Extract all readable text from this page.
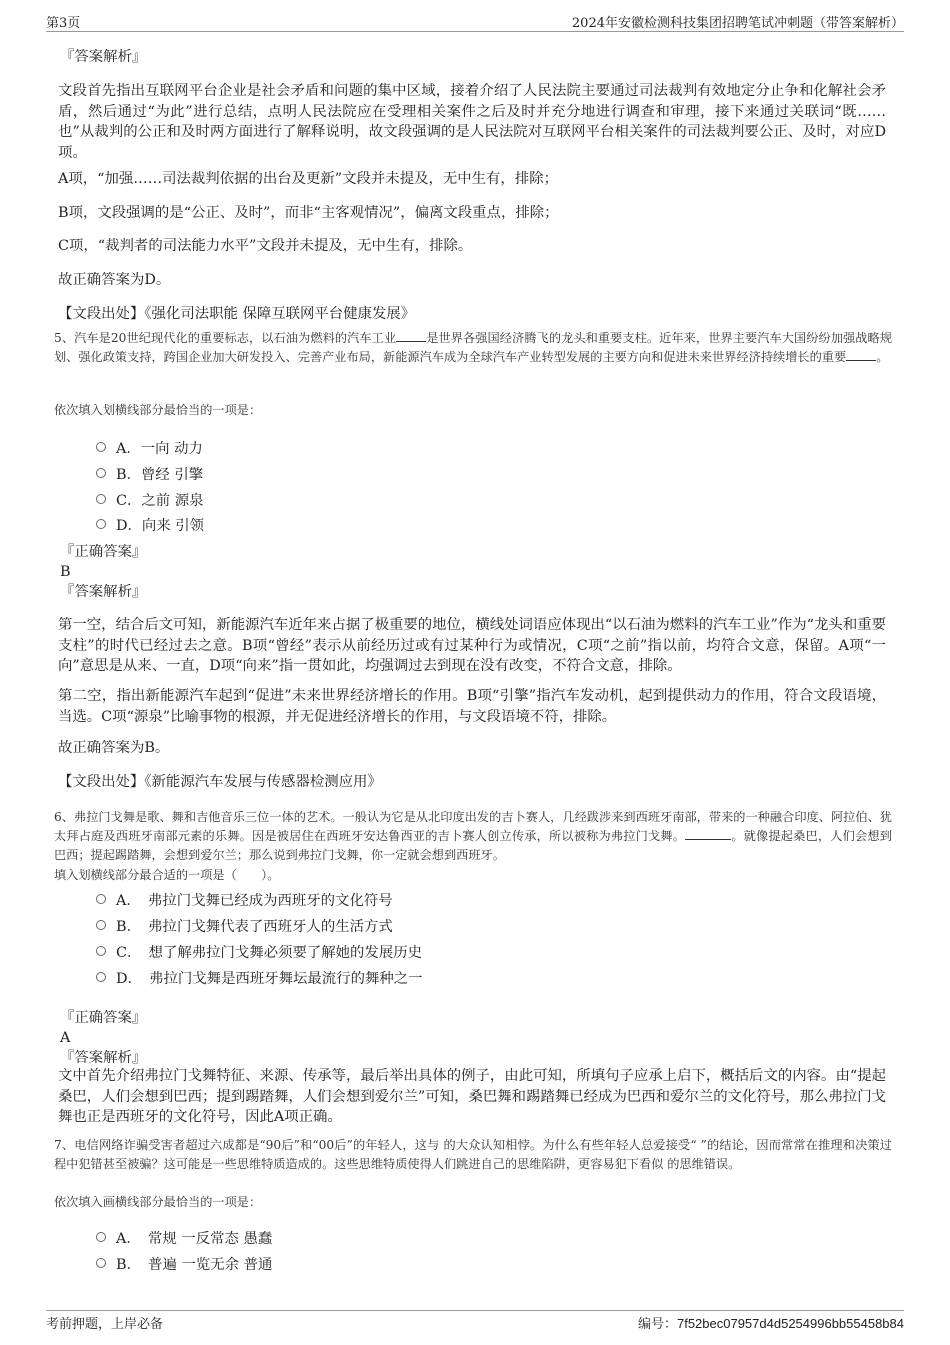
第3页	2024年安徽检测科技集团招聘笔试冲刺题（带答案解析）
『答案解析』
文段首先指出互联网平台企业是社会矛盾和问题的集中区域，接着介绍了人民法院主要通过司法裁判有效地定分止争和化解社会矛盾，然后通过“为此”进行总结，点明人民法院应在受理相关案件之后及时并充分地进行调查和审理，接下来通过关联词“既……也”从裁判的公正和及时两方面进行了解释说明，故文段强调的是人民法院对互联网平台相关案件的司法裁判要公正、及时，对应D项。
A项，“加强……司法裁判依据的出台及更新”文段并未提及，无中生有，排除；
B项，文段强调的是“公正、及时”，而非“主客观情况”，偏离文段重点，排除；
C项，“裁判者的司法能力水平”文段并未提及，无中生有，排除。
故正确答案为D。
【文段出处】《强化司法职能 保障互联网平台健康发展》
5、汽车是20世纪现代化的重要标志，以石油为燃料的汽车工业 是世界各强国经济腾飞的龙头和重要支柱。近年来，世界主要汽车大国纷纷加强战略规划、强化政策支持，跨国企业加大研发投入、完善产业布局，新能源汽车成为全球汽车产业转型发展的主要方向和促进未来世界经济持续增长的重要 。
依次填入划横线部分最恰当的一项是：
A．一向 动力
B．曾经 引擎
C．之前 源泉
D．向来 引领
『正确答案』
B
『答案解析』
第一空，结合后文可知，新能源汽车近年来占据了极重要的地位，横线处词语应体现出“以石油为燃料的汽车工业”作为“龙头和重要支柱”的时代已经过去之意。B项“曾经”表示从前经历过或有过某种行为或情况，C项“之前”指以前，均符合文意，保留。A项“一向”意思是从来、一直，D项“向来”指一贯如此，均强调过去到现在没有改变，不符合文意，排除。
第二空，指出新能源汽车起到“促进”未来世界经济增长的作用。B项“引擎”指汽车发动机，起到提供动力的作用，符合文段语境，当选。C项“源泉”比喻事物的根源，并无促进经济增长的作用，与文段语境不符，排除。
故正确答案为B。
【文段出处】《新能源汽车发展与传感器检测应用》
6、弗拉门戈舞是歌、舞和吉他音乐三位一体的艺术。一般认为它是从北印度出发的吉卜赛人，几经跋涉来到西班牙南部，带来的一种融合印度、阿拉伯、犹太拜占庭及西班牙南部元素的乐舞。因是被居住在西班牙安达鲁西亚的吉卜赛人创立传承，所以被称为弗拉门戈舞。	。就像提起桑巴，人们会想到巴西；提起踢踏舞，会想到爱尔兰；那么说到弗拉门戈舞，你一定就会想到西班牙。
填入划横线部分最合适的一项是（　　）。
A．　弗拉门戈舞已经成为西班牙的文化符号
B．　弗拉门戈舞代表了西班牙人的生活方式
C．　想了解弗拉门戈舞必须要了解她的发展历史
D．　弗拉门戈舞是西班牙舞坛最流行的舞种之一
『正确答案』
A
『答案解析』
文中首先介绍弗拉门戈舞特征、来源、传承等，最后举出具体的例子，由此可知，所填句子应承上启下，概括后文的内容。由“提起桑巴，人们会想到巴西；提到踢踏舞，人们会想到爱尔兰”可知，桑巴舞和踢踏舞已经成为巴西和爱尔兰的文化符号，那么弗拉门戈舞也正是西班牙的文化符号，因此A项正确。
7、电信网络诈骗受害者超过六成都是“90后”和“00后”的年轻人，这与 的大众认知相悖。为什么有些年轻人总爱接受“ ”的结论，因而常常在推理和决策过程中犯错甚至被骗？这可能是一些思维特质造成的。这些思维特质使得人们跳进自己的思维陷阱，更容易犯下看似 的思维错误。
依次填入画横线部分最恰当的一项是：
A．　常规 一反常态 愚蠢
B．　普遍 一览无余 普通
考前押题，上岸必备	编号：7f52bec07957d4d5254996bb55458b84
